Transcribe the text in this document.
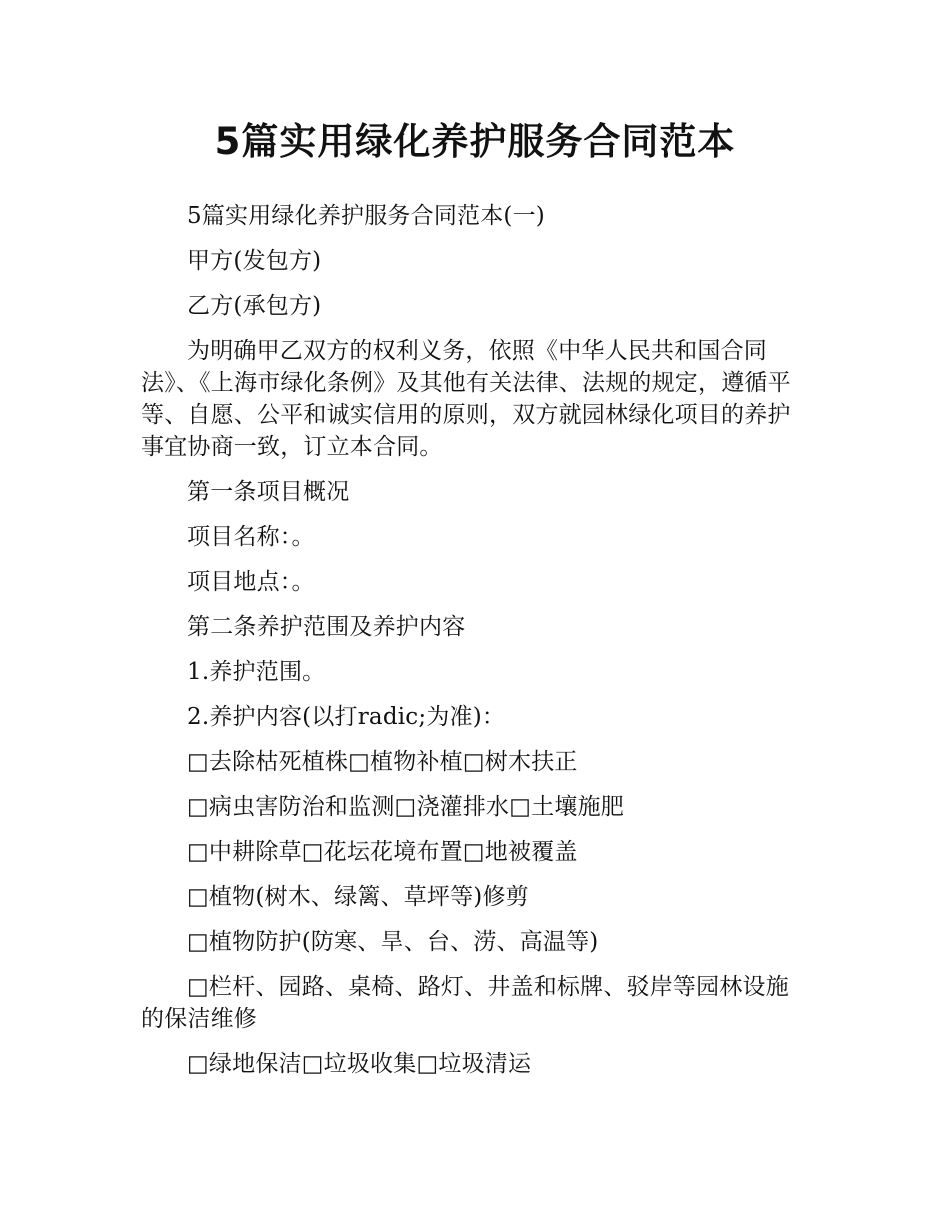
5篇实用绿化养护服务合同范本

5篇实用绿化养护服务合同范本(一)

甲方(发包方)

乙方(承包方)

为明确甲乙双方的权利义务，依照《中华人民共和国合同法》、《上海市绿化条例》及其他有关法律、法规的规定，遵循平等、自愿、公平和诚实信用的原则，双方就园林绿化项目的养护事宜协商一致，订立本合同。

第一条项目概况

项目名称：。

项目地点：。

第二条养护范围及养护内容

1.养护范围。

2.养护内容(以打radic;为准)：

□去除枯死植株□植物补植□树木扶正

□病虫害防治和监测□浇灌排水□土壤施肥

□中耕除草□花坛花境布置□地被覆盖

□植物(树木、绿篱、草坪等)修剪

□植物防护(防寒、旱、台、涝、高温等)

□栏杆、园路、桌椅、路灯、井盖和标牌、驳岸等园林设施的保洁维修

□绿地保洁□垃圾收集□垃圾清运
